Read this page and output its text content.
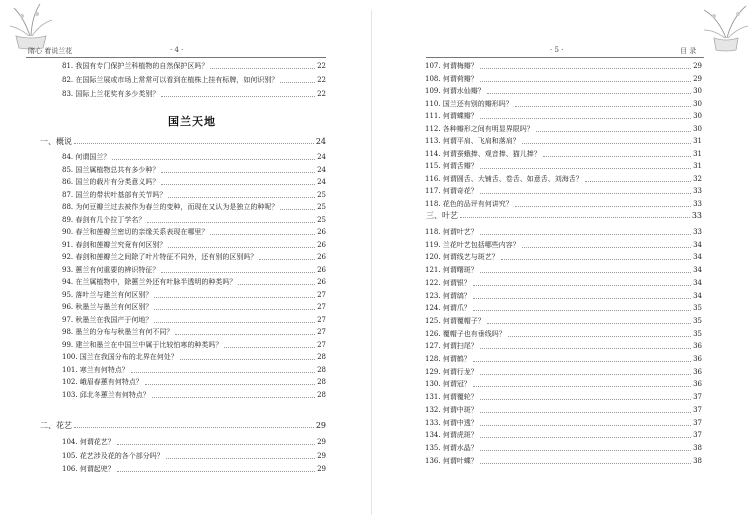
隋心 着说兰花	· 4 ·
81. 我国有专门保护兰科植物的自然保护区吗？	22
82. 在国际兰展或市场上常常可以看到在植株上挂有标牌，如何识别？	22
83. 国际上兰花奖有多少类别？	22
国兰天地
一、概说	24
84. 何谓国兰？	24
85. 国兰属植物总共有多少种？	24
86. 国兰的载片有分类意义吗？	24
87. 国兰的带状叶基部有关节吗？	25
88. 为何豆瓣兰过去被作为春兰的变种，而现在又认为是独立的种呢？	25
89. 春剑有几个拉丁学名？	25
90. 春兰和莲瓣兰密切的亲缘关系表现在哪里？	26
91. 春剑和莲瓣兰究竟有何区别？	26
92. 春剑和莲瓣兰之间除了叶片特征不同外，还有别的区别吗？	26
93. 蕙兰有何重要的辨识特征？	26
94. 在兰属植物中，除蕙兰外还有叶脉半透明的种类吗？	26
95. 落叶兰与建兰有何区别？	27
96. 秋墨兰与墨兰有何区别？	27
97. 秋墨兰在我国产于何地？	27
98. 墨兰的分布与秋墨兰有何不同？	27
99. 建兰和墨兰在中国兰中属于比较怕寒的种类吗？	27
100. 国兰在我国分布的北界在何处？	28
101. 寒兰有何特点？	28
102. 峨眉春蕙有何特点？	28
103. 邱北冬蕙兰有何特点？	28
二、花艺	29
104. 何谓花艺？	29
105. 花艺涉及花的各个部分吗？	29
106. 何谓起兜？	29
· 5 ·	目 录
107. 何谓梅瓣？	29
108. 何谓荷瓣？	29
109. 何谓水仙瓣？	30
110. 国兰还有别的瓣形吗？	30
111. 何谓蝶瓣？	30
112. 各种瓣形之间有明显界限吗？	30
113. 何谓平肩、飞肩和落肩？	31
114. 何谓蚕蛾捧、观音捧、猫儿捧？	31
115. 何谓舌瓣？	31
116. 何谓圆舌、大铺舌、卷舌、如意舌、刘海舌？	32
117. 何谓奇花？	33
118. 花色的品评有何讲究？	33
三、叶艺	33
118. 何谓叶艺？	33
119. 兰花叶艺包括哪些内容？	34
120. 何谓线艺与斑艺？	34
121. 何谓曙斑？	34
122. 何谓银？	34
123. 何谓缟？	34
124. 何谓爪？	35
125. 何谓覆帽子？	35
126. 覆帽子也有垂线吗？	35
127. 何谓扫尾？	36
128. 何谓鹤？	36
129. 何谓行龙？	36
130. 何谓冠？	36
131. 何谓覆轮？	37
132. 何谓中斑？	37
133. 何谓中透？	37
134. 何谓虎斑？	37
135. 何谓水晶？	38
136. 何谓叶蝶？	38
